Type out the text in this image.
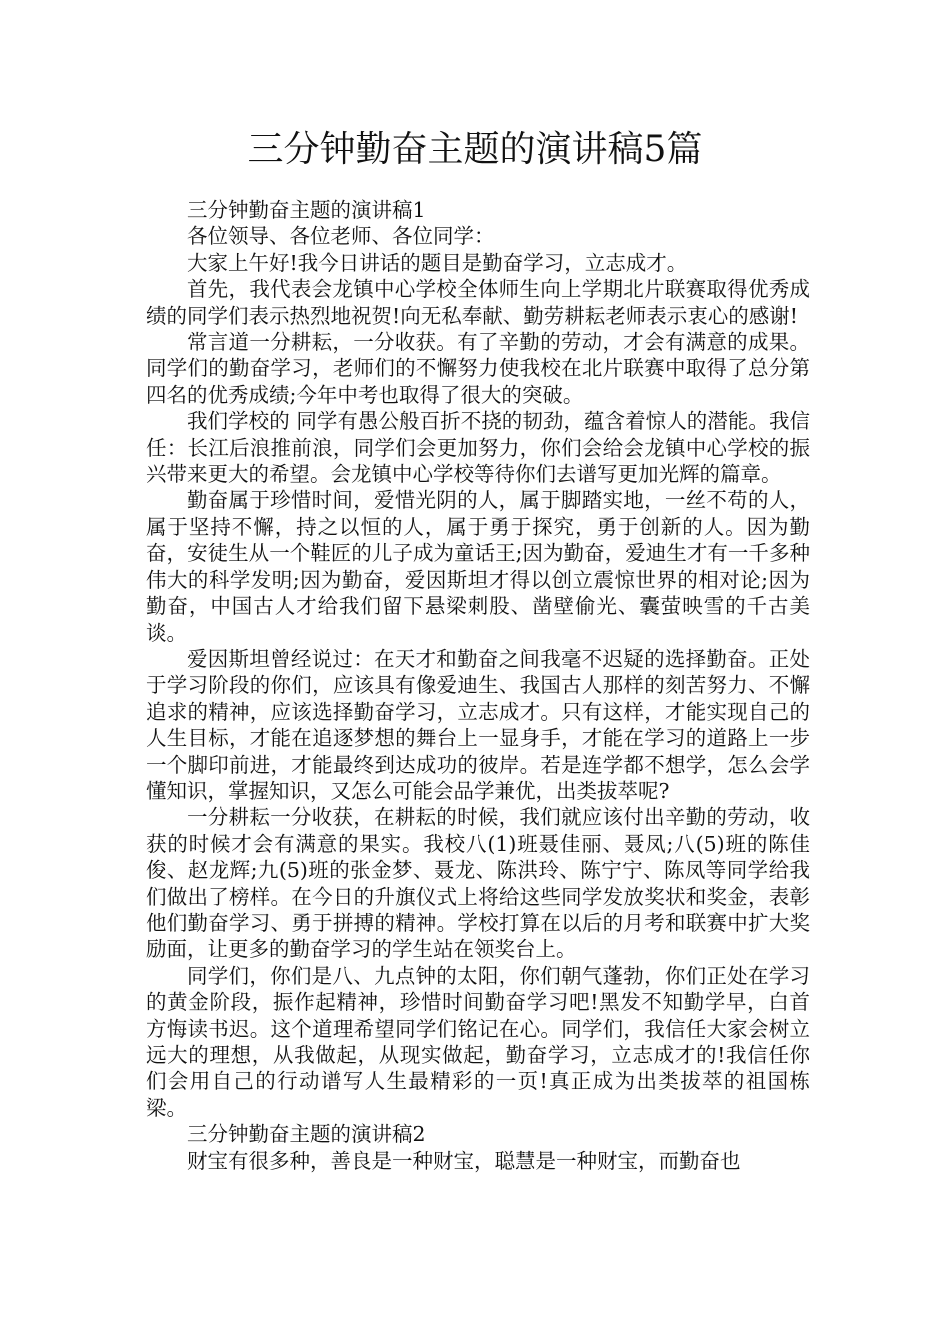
三分钟勤奋主题的演讲稿5篇

三分钟勤奋主题的演讲稿1

各位领导、各位老师、各位同学：

大家上午好!我今日讲话的题目是勤奋学习，立志成才。

首先，我代表会龙镇中心学校全体师生向上学期北片联赛取得优秀成绩的同学们表示热烈地祝贺!向无私奉献、勤劳耕耘老师表示衷心的感谢!

常言道一分耕耘，一分收获。有了辛勤的劳动，才会有满意的成果。同学们的勤奋学习，老师们的不懈努力使我校在北片联赛中取得了总分第四名的优秀成绩;今年中考也取得了很大的突破。

我们学校的 同学有愚公般百折不挠的韧劲，蕴含着惊人的潜能。我信任：长江后浪推前浪，同学们会更加努力，你们会给会龙镇中心学校的振兴带来更大的希望。会龙镇中心学校等待你们去谱写更加光辉的篇章。

勤奋属于珍惜时间，爱惜光阴的人，属于脚踏实地，一丝不苟的人，属于坚持不懈，持之以恒的人，属于勇于探究，勇于创新的人。因为勤奋，安徒生从一个鞋匠的儿子成为童话王;因为勤奋，爱迪生才有一千多种伟大的科学发明;因为勤奋，爱因斯坦才得以创立震惊世界的相对论;因为勤奋，中国古人才给我们留下悬梁刺股、凿壁偷光、囊萤映雪的千古美谈。

爱因斯坦曾经说过：在天才和勤奋之间我毫不迟疑的选择勤奋。正处于学习阶段的你们，应该具有像爱迪生、我国古人那样的刻苦努力、不懈追求的精神，应该选择勤奋学习，立志成才。只有这样，才能实现自己的人生目标，才能在追逐梦想的舞台上一显身手，才能在学习的道路上一步一个脚印前进，才能最终到达成功的彼岸。若是连学都不想学，怎么会学懂知识，掌握知识，又怎么可能会品学兼优，出类拔萃呢?

一分耕耘一分收获，在耕耘的时候，我们就应该付出辛勤的劳动，收获的时候才会有满意的果实。我校八(1)班聂佳丽、聂凤;八(5)班的陈佳俊、赵龙辉;九(5)班的张金梦、聂龙、陈洪玲、陈宁宁、陈凤等同学给我们做出了榜样。在今日的升旗仪式上将给这些同学发放奖状和奖金，表彰他们勤奋学习、勇于拼搏的精神。学校打算在以后的月考和联赛中扩大奖励面，让更多的勤奋学习的学生站在领奖台上。

同学们，你们是八、九点钟的太阳，你们朝气蓬勃，你们正处在学习的黄金阶段，振作起精神，珍惜时间勤奋学习吧!黑发不知勤学早，白首方悔读书迟。这个道理希望同学们铭记在心。同学们，我信任大家会树立远大的理想，从我做起，从现实做起，勤奋学习，立志成才的!我信任你们会用自己的行动谱写人生最精彩的一页!真正成为出类拔萃的祖国栋梁。

三分钟勤奋主题的演讲稿2

财宝有很多种，善良是一种财宝，聪慧是一种财宝，而勤奋也
